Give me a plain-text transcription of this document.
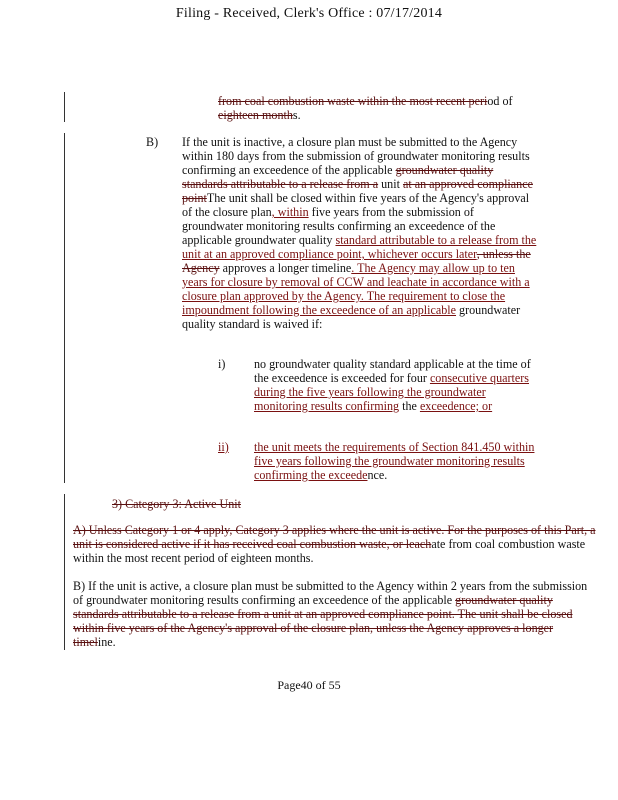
Filing - Received, Clerk's Office : 07/17/2014
from coal combustion waste within the most recent period of
eighteen months.
B) If the unit is inactive, a closure plan must be submitted to the Agency within 180 days from the submission of groundwater monitoring results confirming an exceedence of the applicable groundwater quality standards attributable to a release from a unit at an approved compliance pointThe unit shall be closed within five years of the Agency's approval of the closure plan, within five years from the submission of groundwater monitoring results confirming an exceedence of the applicable groundwater quality standard attributable to a release from the unit at an approved compliance point, whichever occurs later, unless the Agency approves a longer timeline. The Agency may allow up to ten years for closure by removal of CCW and leachate in accordance with a closure plan approved by the Agency. The requirement to close the impoundment following the exceedence of an applicable groundwater quality standard is waived if:
i) no groundwater quality standard applicable at the time of the exceedence is exceeded for four consecutive quarters during the five years following the groundwater monitoring results confirming the exceedence; or
ii) the unit meets the requirements of Section 841.450 within five years following the groundwater monitoring results confirming the exceedence.
3) Category 3: Active Unit
A) Unless Category 1 or 4 apply, Category 3 applies where the unit is active. For the purposes of this Part, a unit is considered active if it has received coal combustion waste, or leachate from coal combustion waste within the most recent period of eighteen months.
B) If the unit is active, a closure plan must be submitted to the Agency within 2 years from the submission of groundwater monitoring results confirming an exceedence of the applicable groundwater quality standards attributable to a release from a unit at an approved compliance point. The unit shall be closed within five years of the Agency's approval of the closure plan, unless the Agency approves a longer timeline.
Page40 of 55
